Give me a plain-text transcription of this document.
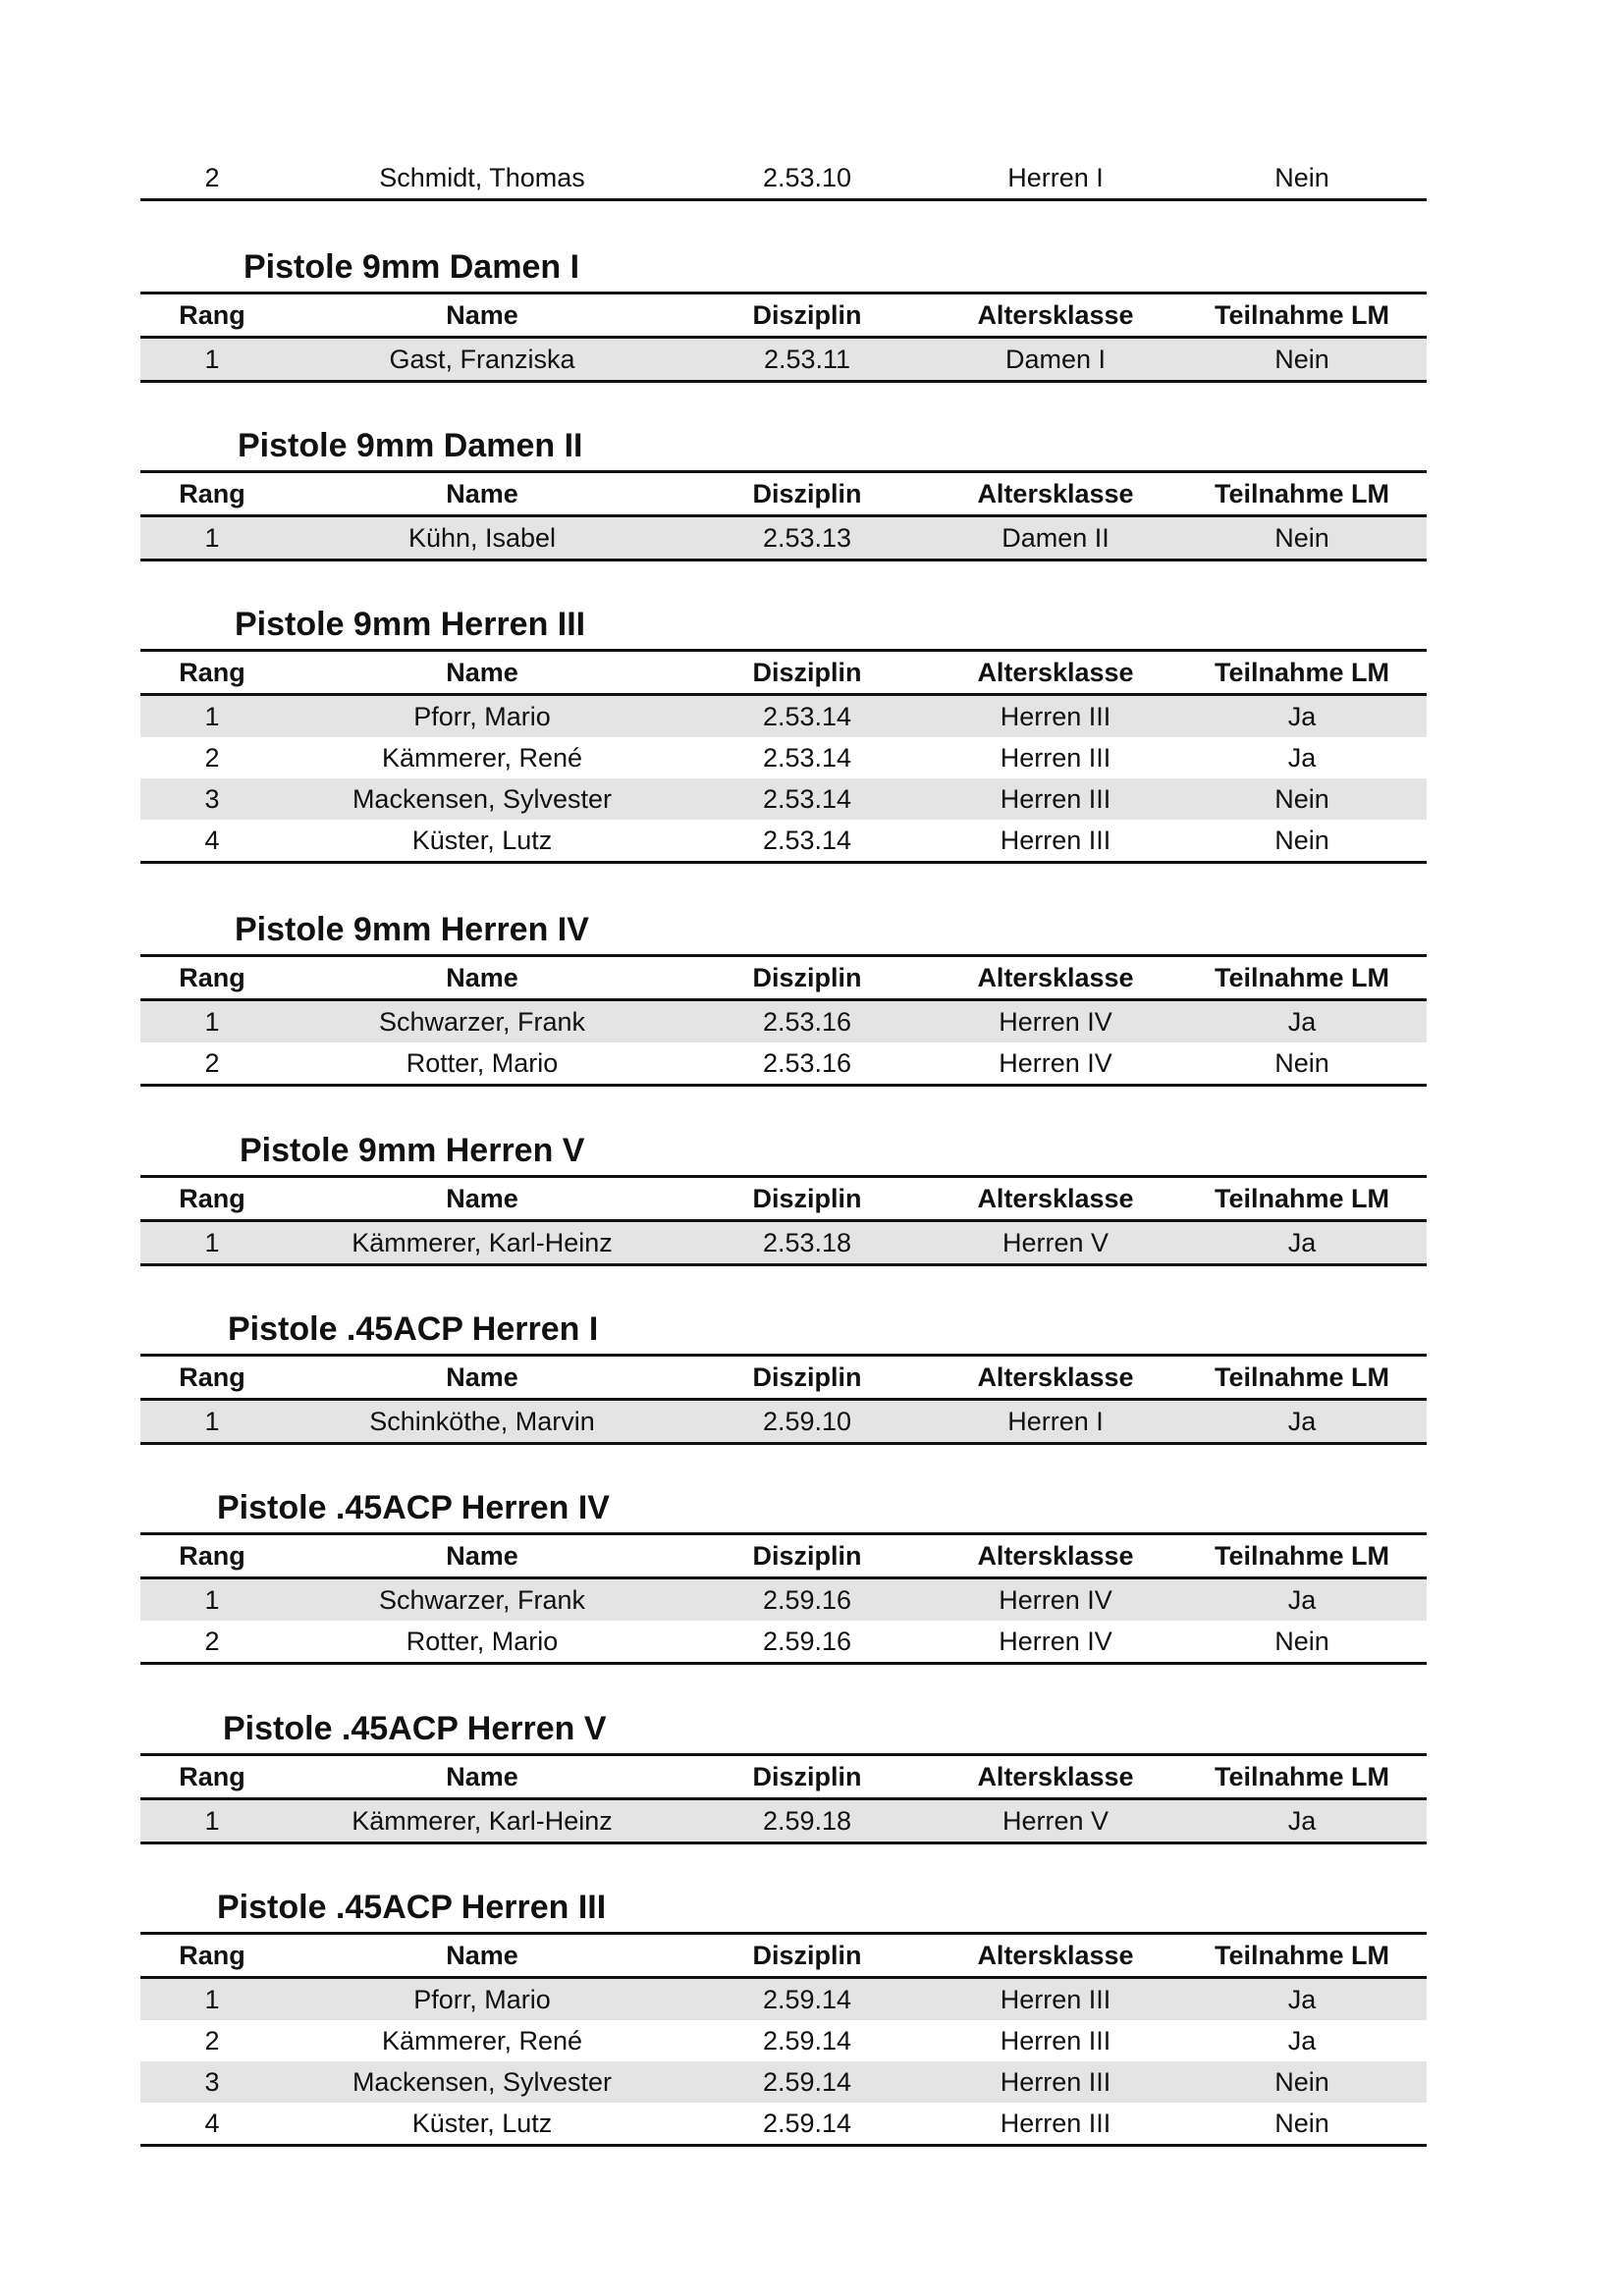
2	Schmidt, Thomas	2.53.10	Herren I	Nein
Pistole 9mm Damen I
Rang	Name	Disziplin	Altersklasse	Teilnahme LM
1	Gast, Franziska	2.53.11	Damen I	Nein
Pistole 9mm Damen II
Rang	Name	Disziplin	Altersklasse	Teilnahme LM
1	Kühn, Isabel	2.53.13	Damen II	Nein
Pistole 9mm Herren III
Rang	Name	Disziplin	Altersklasse	Teilnahme LM
1	Pforr, Mario	2.53.14	Herren III	Ja
2	Kämmerer, René	2.53.14	Herren III	Ja
3	Mackensen, Sylvester	2.53.14	Herren III	Nein
4	Küster, Lutz	2.53.14	Herren III	Nein
Pistole 9mm Herren IV
Rang	Name	Disziplin	Altersklasse	Teilnahme LM
1	Schwarzer, Frank	2.53.16	Herren IV	Ja
2	Rotter, Mario	2.53.16	Herren IV	Nein
Pistole 9mm Herren V
Rang	Name	Disziplin	Altersklasse	Teilnahme LM
1	Kämmerer, Karl-Heinz	2.53.18	Herren V	Ja
Pistole .45ACP Herren I
Rang	Name	Disziplin	Altersklasse	Teilnahme LM
1	Schinköthe, Marvin	2.59.10	Herren I	Ja
Pistole .45ACP Herren IV
Rang	Name	Disziplin	Altersklasse	Teilnahme LM
1	Schwarzer, Frank	2.59.16	Herren IV	Ja
2	Rotter, Mario	2.59.16	Herren IV	Nein
Pistole .45ACP Herren V
Rang	Name	Disziplin	Altersklasse	Teilnahme LM
1	Kämmerer, Karl-Heinz	2.59.18	Herren V	Ja
Pistole .45ACP Herren III
Rang	Name	Disziplin	Altersklasse	Teilnahme LM
1	Pforr, Mario	2.59.14	Herren III	Ja
2	Kämmerer, René	2.59.14	Herren III	Ja
3	Mackensen, Sylvester	2.59.14	Herren III	Nein
4	Küster, Lutz	2.59.14	Herren III	Nein
